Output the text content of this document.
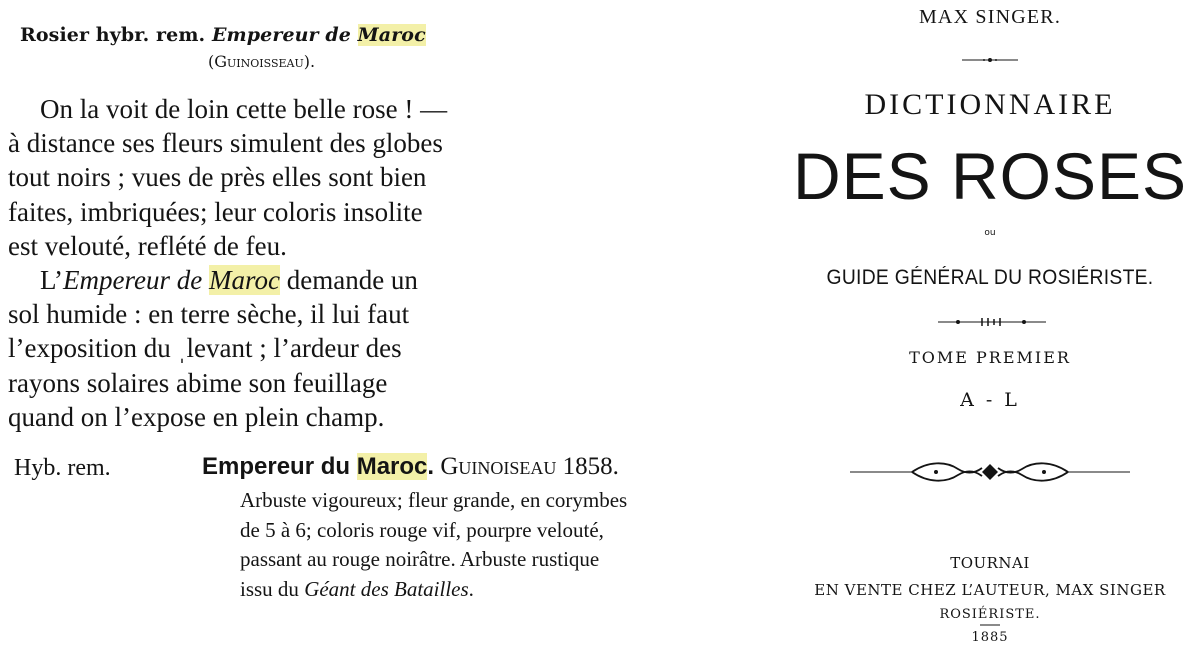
Rosier hybr. rem. Empereur de Maroc
(Guinoisseau).
On la voit de loin cette belle rose ! —
à distance ses fleurs simulent des globes
tout noirs ; vues de près elles sont bien
faites, imbriquées; leur coloris insolite
est velouté, reflété de feu.
L’Empereur de Maroc demande un
sol humide : en terre sèche, il lui faut
l’exposition du ˌlevant ; l’ardeur des
rayons solaires abime son feuillage
quand on l’expose en plein champ.
Hyb. rem.	Empereur du Maroc. Guinoiseau 1858.
Arbuste vigoureux; fleur grande, en corymbes
de 5 à 6; coloris rouge vif, pourpre velouté,
passant au rouge noirâtre. Arbuste rustique
issu du Géant des Batailles.
MAX SINGER.
DICTIONNAIRE
DES ROSES
ou
GUIDE GÉNÉRAL DU ROSIÉRISTE.
TOME PREMIER
A - L
TOURNAI
EN VENTE CHEZ L’AUTEUR, MAX SINGER
ROSIÉRISTE.
1885
